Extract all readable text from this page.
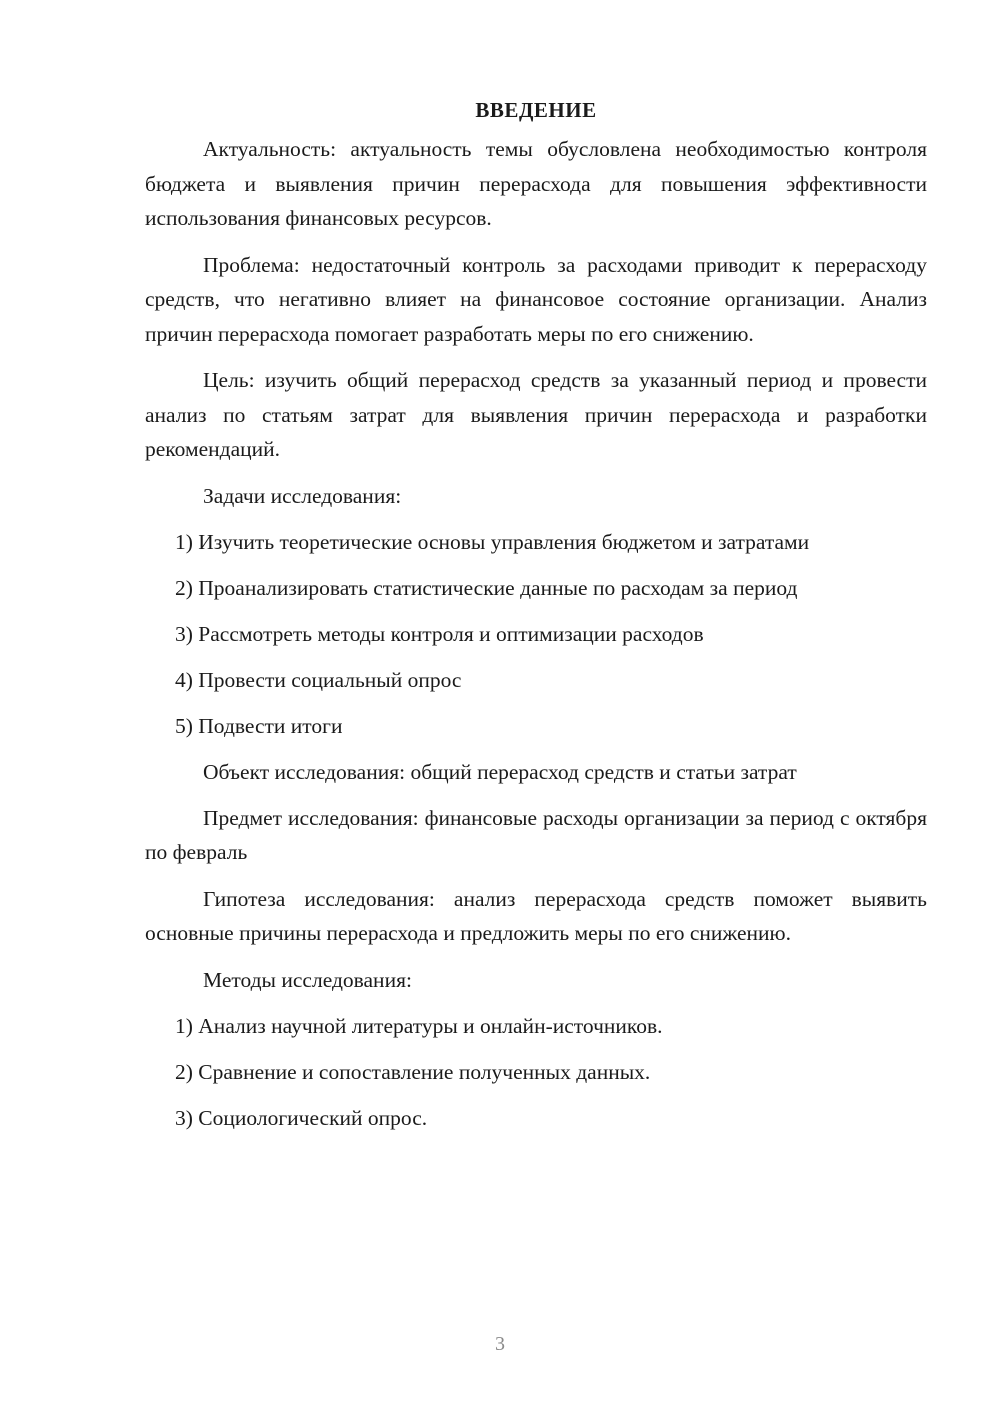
ВВЕДЕНИЕ

Актуальность: актуальность темы обусловлена необходимостью контроля бюджета и выявления причин перерасхода для повышения эффективности использования финансовых ресурсов.

Проблема: недостаточный контроль за расходами приводит к перерасходу средств, что негативно влияет на финансовое состояние организации. Анализ причин перерасхода помогает разработать меры по его снижению.

Цель: изучить общий перерасход средств за указанный период и провести анализ по статьям затрат для выявления причин перерасхода и разработки рекомендаций.

Задачи исследования:
1) Изучить теоретические основы управления бюджетом и затратами
2) Проанализировать статистические данные по расходам за период
3) Рассмотреть методы контроля и оптимизации расходов
4) Провести социальный опрос
5) Подвести итоги
Объект исследования: общий перерасход средств и статьи затрат

Предмет исследования: финансовые расходы организации за период с октября по февраль

Гипотеза исследования: анализ перерасхода средств поможет выявить основные причины перерасхода и предложить меры по его снижению.

Методы исследования:
1) Анализ научной литературы и онлайн-источников.
2) Сравнение и сопоставление полученных данных.
3) Социологический опрос.
3
